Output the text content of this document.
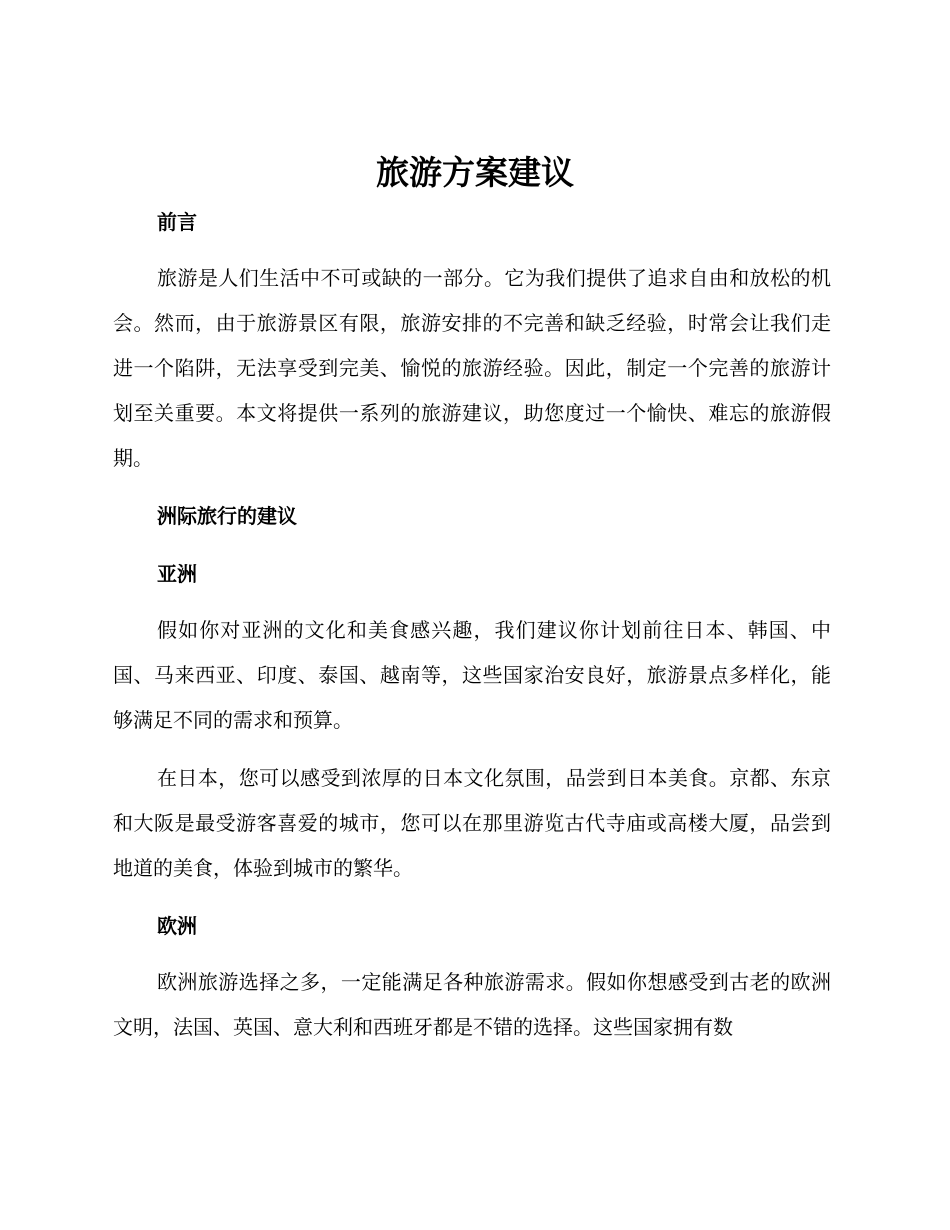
旅游方案建议
前言

旅游是人们生活中不可或缺的一部分。它为我们提供了追求自由和放松的机会。然而，由于旅游景区有限，旅游安排的不完善和缺乏经验，时常会让我们走进一个陷阱，无法享受到完美、愉悦的旅游经验。因此，制定一个完善的旅游计划至关重要。本文将提供一系列的旅游建议，助您度过一个愉快、难忘的旅游假期。

洲际旅行的建议
亚洲

假如你对亚洲的文化和美食感兴趣，我们建议你计划前往日本、韩国、中国、马来西亚、印度、泰国、越南等，这些国家治安良好，旅游景点多样化，能够满足不同的需求和预算。

在日本，您可以感受到浓厚的日本文化氛围，品尝到日本美食。京都、东京和大阪是最受游客喜爱的城市，您可以在那里游览古代寺庙或高楼大厦，品尝到地道的美食，体验到城市的繁华。

欧洲

欧洲旅游选择之多，一定能满足各种旅游需求。假如你想感受到古老的欧洲文明，法国、英国、意大利和西班牙都是不错的选择。这些国家拥有数
